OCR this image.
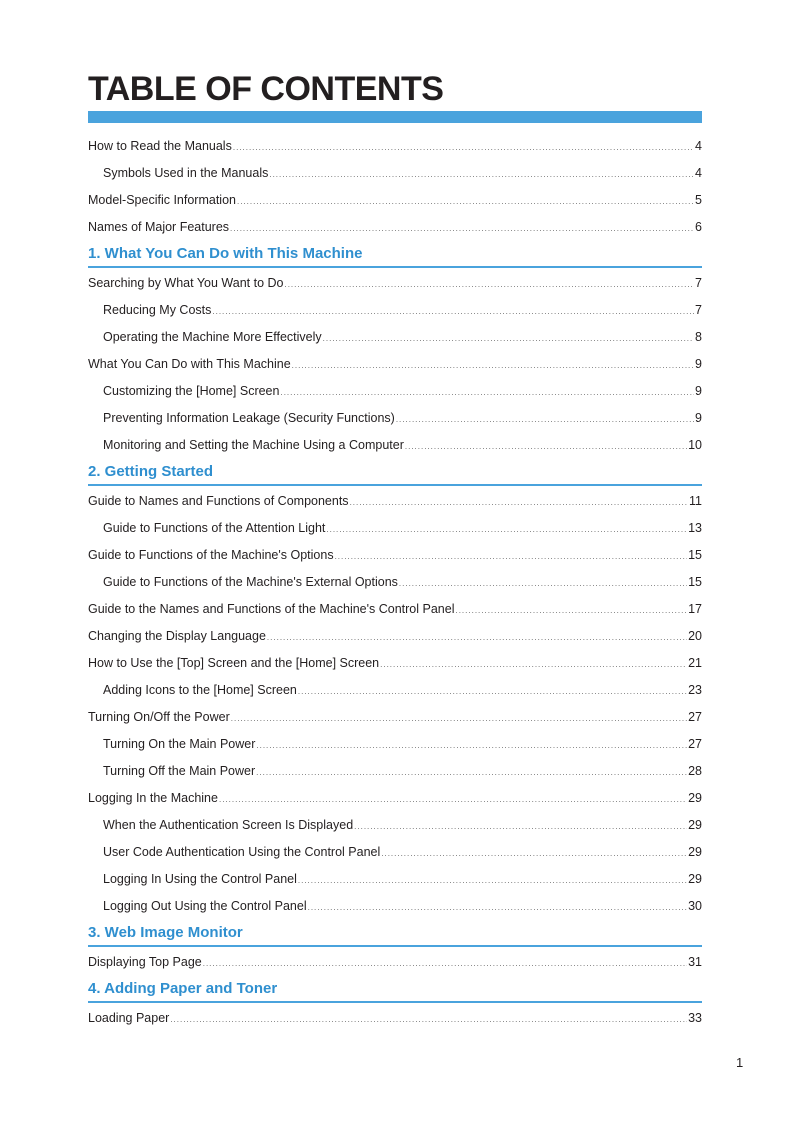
TABLE OF CONTENTS
How to Read the Manuals .....	4
Symbols Used in the Manuals .....	4
Model-Specific Information .....	5
Names of Major Features .....	6
1. What You Can Do with This Machine
Searching by What You Want to Do .....	7
Reducing My Costs .....	7
Operating the Machine More Effectively .....	8
What You Can Do with This Machine .....	9
Customizing the [Home] Screen .....	9
Preventing Information Leakage (Security Functions) .....	9
Monitoring and Setting the Machine Using a Computer .....	10
2. Getting Started
Guide to Names and Functions of Components .....	11
Guide to Functions of the Attention Light .....	13
Guide to Functions of the Machine's Options .....	15
Guide to Functions of the Machine's External Options .....	15
Guide to the Names and Functions of the Machine's Control Panel .....	17
Changing the Display Language .....	20
How to Use the [Top] Screen and the [Home] Screen .....	21
Adding Icons to the [Home] Screen .....	23
Turning On/Off the Power .....	27
Turning On the Main Power .....	27
Turning Off the Main Power .....	28
Logging In the Machine .....	29
When the Authentication Screen Is Displayed .....	29
User Code Authentication Using the Control Panel .....	29
Logging In Using the Control Panel .....	29
Logging Out Using the Control Panel .....	30
3. Web Image Monitor
Displaying Top Page .....	31
4. Adding Paper and Toner
Loading Paper .....	33
1
